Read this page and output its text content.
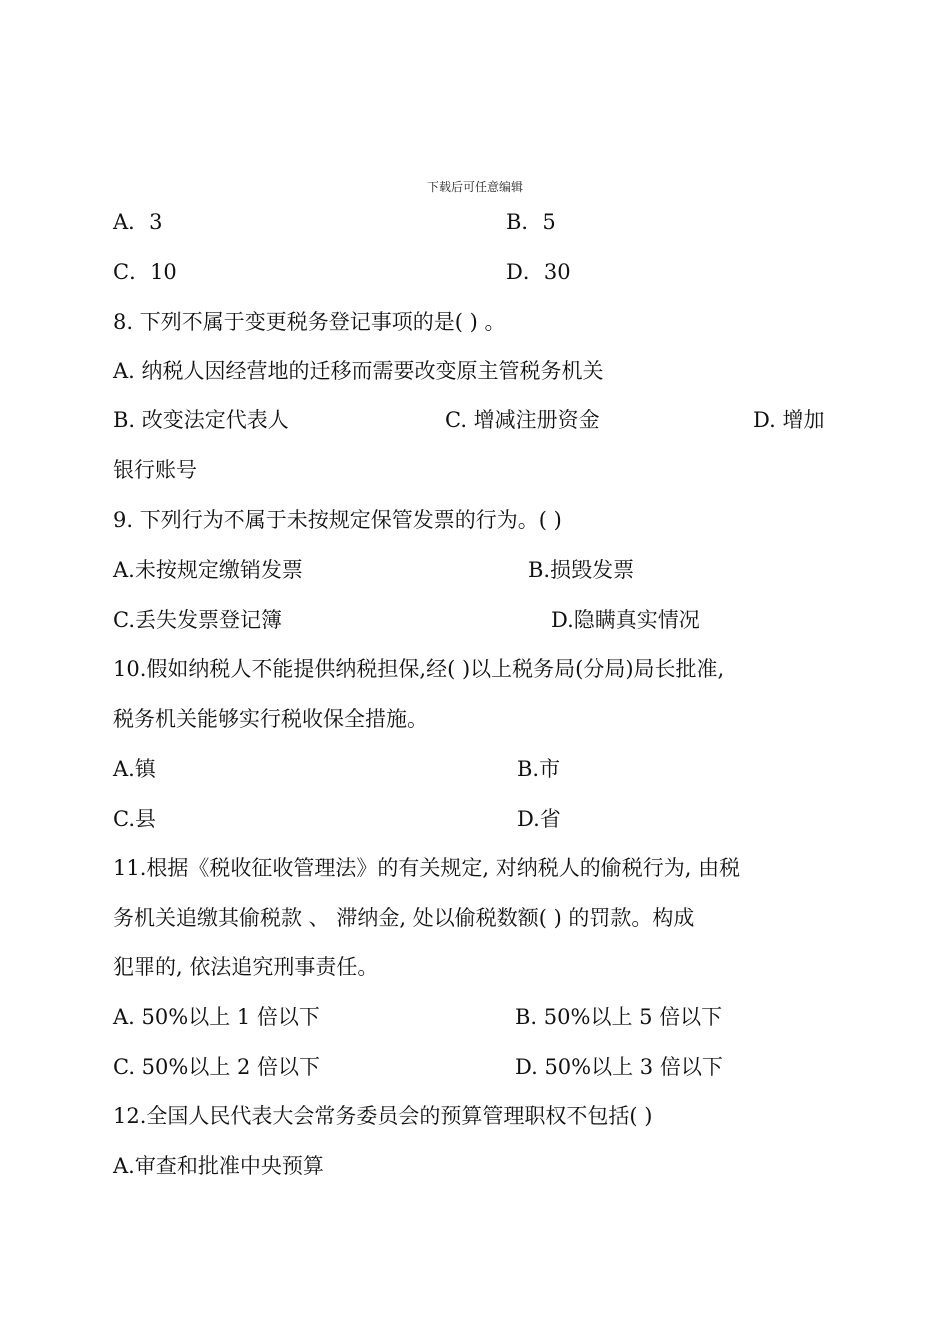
下载后可任意编辑
A．3	B．5
C．10	D．30
8. 下列不属于变更税务登记事项的是( ) 。
A. 纳税人因经营地的迁移而需要改变原主管税务机关
B. 改变法定代表人	C. 增减注册资金	D. 增加
银行账号
9. 下列行为不属于未按规定保管发票的行为。( )
A.未按规定缴销发票	B.损毁发票
C.丢失发票登记簿	D.隐瞒真实情况
10.假如纳税人不能提供纳税担保,经( )以上税务局(分局)局长批准,
税务机关能够实行税收保全措施。
A.镇	B.市
C.县	D.省
11.根据《税收征收管理法》的有关规定, 对纳税人的偷税行为, 由税
务机关追缴其偷税款 、 滞纳金, 处以偷税数额( ) 的罚款。构成
犯罪的, 依法追究刑事责任。
A. 50%以上 1 倍以下	B. 50%以上 5 倍以下
C. 50%以上 2 倍以下	D. 50%以上 3 倍以下
12.全国人民代表大会常务委员会的预算管理职权不包括( )
A.审查和批准中央预算
